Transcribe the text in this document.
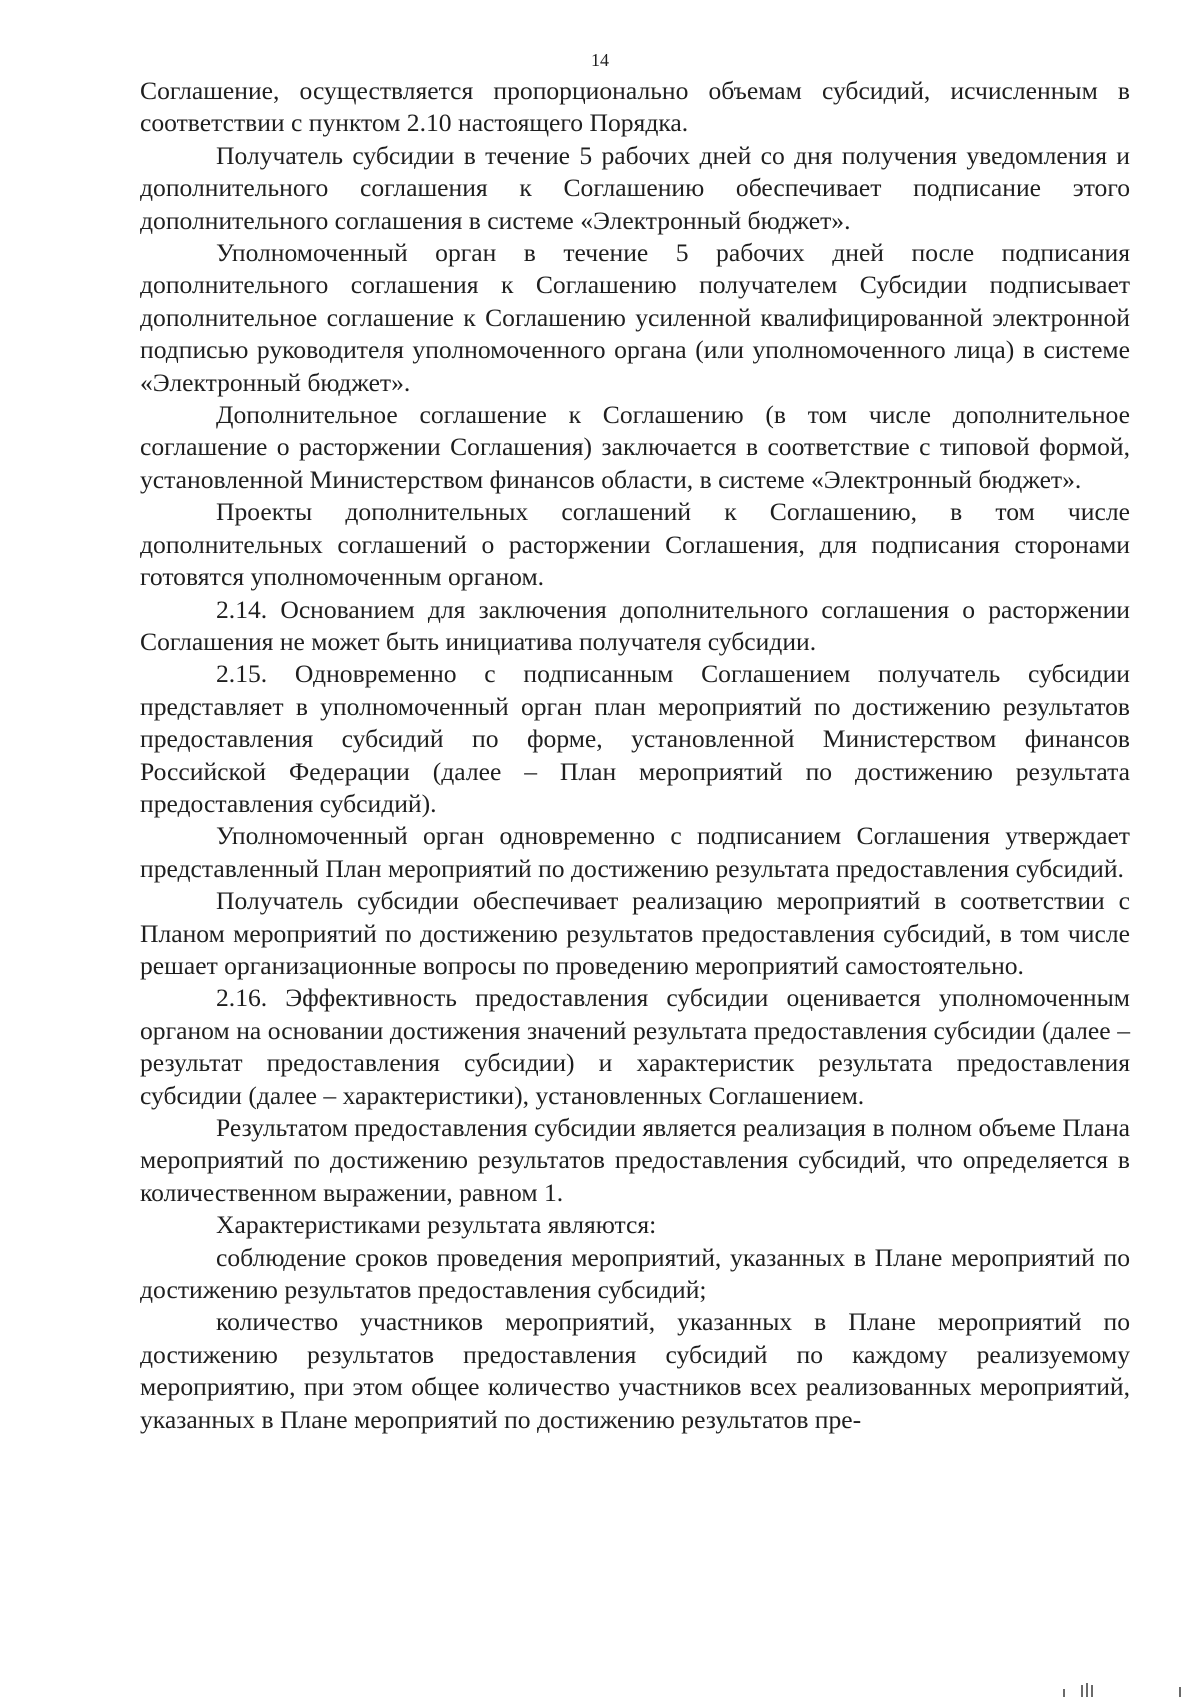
14

Соглашение, осуществляется пропорционально объемам субсидий, исчисленным в соответствии с пунктом 2.10 настоящего Порядка.

Получатель субсидии в течение 5 рабочих дней со дня получения уведомления и дополнительного соглашения к Соглашению обеспечивает подписание этого дополнительного соглашения в системе «Электронный бюджет».

Уполномоченный орган в течение 5 рабочих дней после подписания дополнительного соглашения к Соглашению получателем Субсидии подписывает дополнительное соглашение к Соглашению усиленной квалифицированной электронной подписью руководителя уполномоченного органа (или уполномоченного лица) в системе «Электронный бюджет».

Дополнительное соглашение к Соглашению (в том числе дополнительное соглашение о расторжении Соглашения) заключается в соответствие с типовой формой, установленной Министерством финансов области, в системе «Электронный бюджет».

Проекты дополнительных соглашений к Соглашению, в том числе дополнительных соглашений о расторжении Соглашения, для подписания сторонами готовятся уполномоченным органом.

2.14. Основанием для заключения дополнительного соглашения о расторжении Соглашения не может быть инициатива получателя субсидии.

2.15. Одновременно с подписанным Соглашением получатель субсидии представляет в уполномоченный орган план мероприятий по достижению результатов предоставления субсидий по форме, установленной Министерством финансов Российской Федерации (далее – План мероприятий по достижению результата предоставления субсидий).

Уполномоченный орган одновременно с подписанием Соглашения утверждает представленный План мероприятий по достижению результата предоставления субсидий.

Получатель субсидии обеспечивает реализацию мероприятий в соответствии с Планом мероприятий по достижению результатов предоставления субсидий, в том числе решает организационные вопросы по проведению мероприятий самостоятельно.

2.16. Эффективность предоставления субсидии оценивается уполномоченным органом на основании достижения значений результата предоставления субсидии (далее – результат предоставления субсидии) и характеристик результата предоставления субсидии (далее – характеристики), установленных Соглашением.

Результатом предоставления субсидии является реализация в полном объеме Плана мероприятий по достижению результатов предоставления субсидий, что определяется в количественном выражении, равном 1.

Характеристиками результата являются:

соблюдение сроков проведения мероприятий, указанных в Плане мероприятий по достижению результатов предоставления субсидий;

количество участников мероприятий, указанных в Плане мероприятий по достижению результатов предоставления субсидий по каждому реализуемому мероприятию, при этом общее количество участников всех реализованных мероприятий, указанных в Плане мероприятий по достижению результатов пре-
